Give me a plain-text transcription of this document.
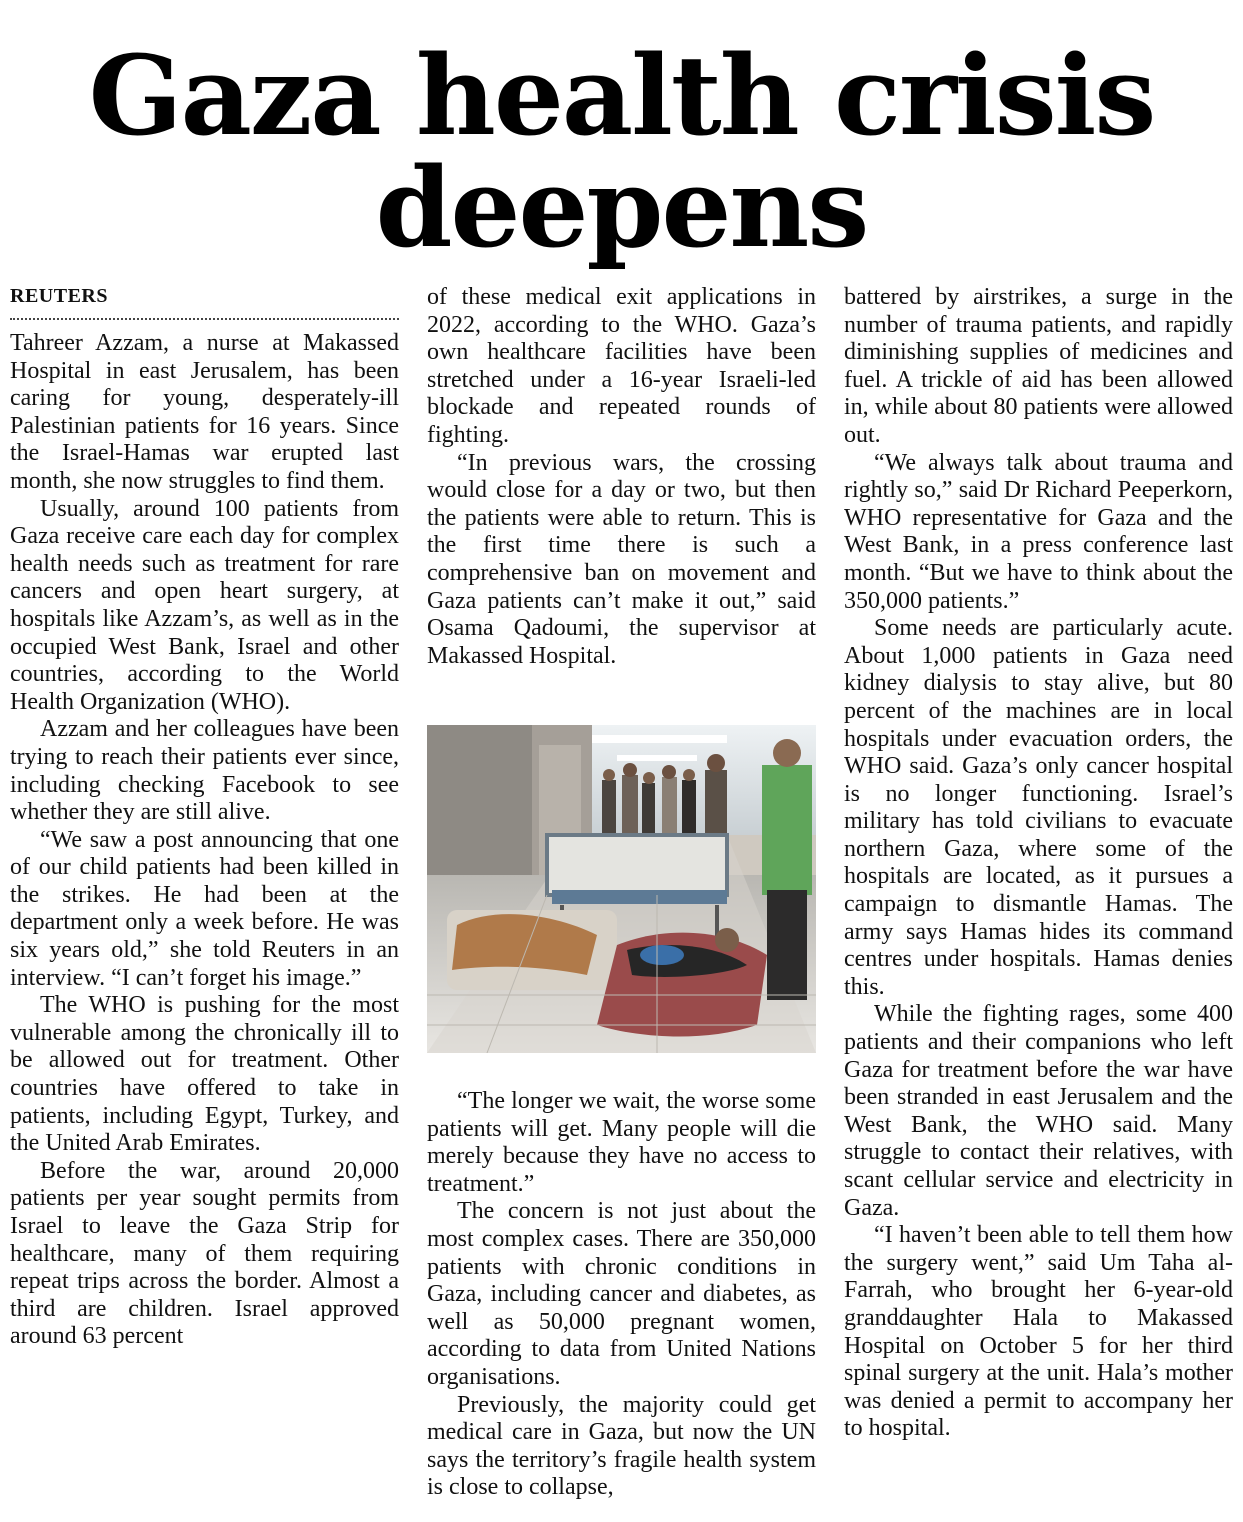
Gaza health crisis
deepens
REUTERS

Tahreer Azzam, a nurse at Makassed Hospital in east Jerusalem, has been caring for young, desperately-ill Palestinian patients for 16 years. Since the Israel-Hamas war erupted last month, she now struggles to find them.

Usually, around 100 patients from Gaza receive care each day for complex health needs such as treatment for rare cancers and open heart surgery, at hospitals like Azzam’s, as well as in the occupied West Bank, Israel and other countries, according to the World Health Organization (WHO).

Azzam and her colleagues have been trying to reach their patients ever since, including checking Facebook to see whether they are still alive.

“We saw a post announcing that one of our child patients had been killed in the strikes. He had been at the department only a week before. He was six years old,” she told Reuters in an interview. “I can’t forget his image.”

The WHO is pushing for the most vulnerable among the chronically ill to be allowed out for treatment. Other countries have offered to take in patients, including Egypt, Turkey, and the United Arab Emirates.

Before the war, around 20,000 patients per year sought permits from Israel to leave the Gaza Strip for healthcare, many of them requiring repeat trips across the border. Almost a third are children. Israel approved around 63 percent

of these medical exit applications in 2022, according to the WHO. Gaza’s own healthcare facilities have been stretched under a 16-year Israeli-led blockade and repeated rounds of fighting.

“In previous wars, the crossing would close for a day or two, but then the patients were able to return. This is the first time there is such a comprehensive ban on movement and Gaza patients can’t make it out,” said Osama Qadoumi, the supervisor at Makassed Hospital.

“The longer we wait, the worse some patients will get. Many people will die merely because they have no access to treatment.”

The concern is not just about the most complex cases. There are 350,000 patients with chronic conditions in Gaza, including cancer and diabetes, as well as 50,000 pregnant women, according to data from United Nations organisations.

Previously, the majority could get medical care in Gaza, but now the UN says the territory’s fragile health system is close to collapse,

battered by airstrikes, a surge in the number of trauma patients, and rapidly diminishing supplies of medicines and fuel. A trickle of aid has been allowed in, while about 80 patients were allowed out.

“We always talk about trauma and rightly so,” said Dr Richard Peeperkorn, WHO representative for Gaza and the West Bank, in a press conference last month. “But we have to think about the 350,000 patients.”

Some needs are particularly acute. About 1,000 patients in Gaza need kidney dialysis to stay alive, but 80 percent of the machines are in local hospitals under evacuation orders, the WHO said. Gaza’s only cancer hospital is no longer functioning. Israel’s military has told civilians to evacuate northern Gaza, where some of the hospitals are located, as it pursues a campaign to dismantle Hamas. The army says Hamas hides its command centres under hospitals. Hamas denies this.

While the fighting rages, some 400 patients and their companions who left Gaza for treatment before the war have been stranded in east Jerusalem and the West Bank, the WHO said. Many struggle to contact their relatives, with scant cellular service and electricity in Gaza.

“I haven’t been able to tell them how the surgery went,” said Um Taha al-Farrah, who brought her 6-year-old granddaughter Hala to Makassed Hospital on October 5 for her third spinal surgery at the unit. Hala’s mother was denied a permit to accompany her to hospital.
